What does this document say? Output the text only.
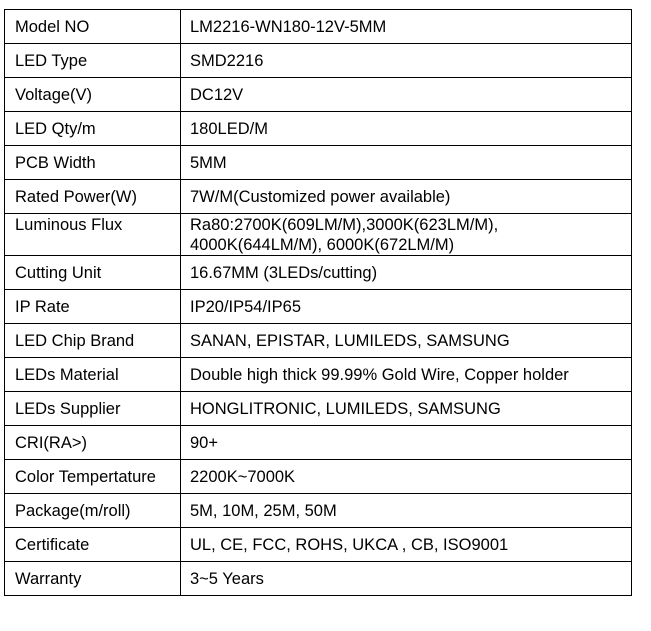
Model NO	LM2216-WN180-12V-5MM
LED Type	SMD2216
Voltage(V)	DC12V
LED Qty/m	180LED/M
PCB Width	5MM
Rated Power(W)	7W/M(Customized power available)
Luminous Flux	Ra80:2700K(609LM/M),3000K(623LM/M),
4000K(644LM/M), 6000K(672LM/M)

Cutting Unit	16.67MM (3LEDs/cutting)
IP Rate	IP20/IP54/IP65
LED Chip Brand	SANAN, EPISTAR, LUMILEDS, SAMSUNG
LEDs Material	Double high thick 99.99% Gold Wire, Copper holder
LEDs Supplier	HONGLITRONIC, LUMILEDS, SAMSUNG
CRI(RA>)	90+
Color Tempertature	2200K~7000K
Package(m/roll)	5M, 10M, 25M, 50M
Certificate	UL, CE, FCC, ROHS, UKCA , CB, ISO9001
Warranty	3~5 Years
